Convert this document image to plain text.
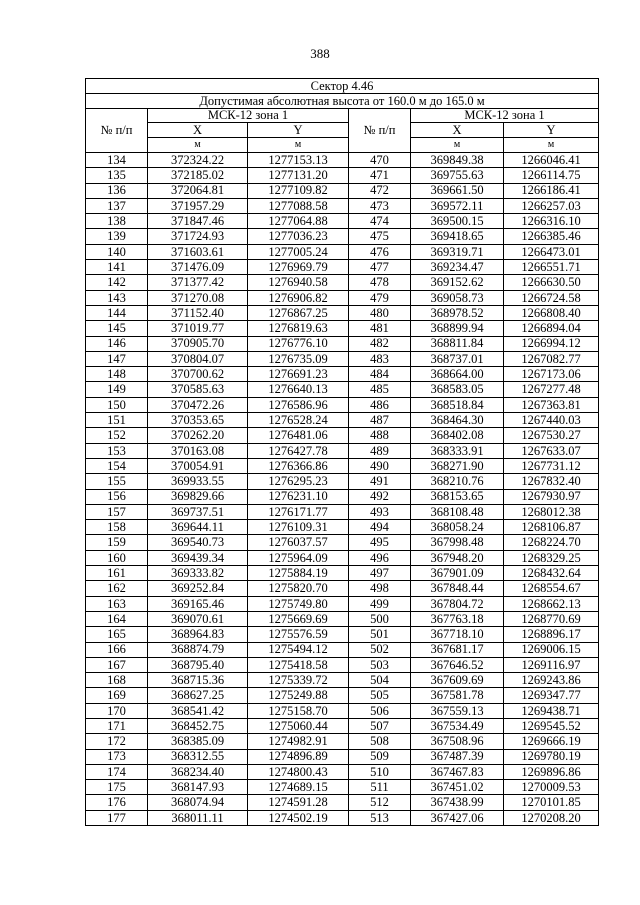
388
Сектор 4.46					
Допустимая абсолютная высота от 160.0 м до 165.0 м					
№ п/п	МСК-12 зона 1		№ п/п	МСК-12 зона 1	
	X	Y		X	Y
	м	м		м	м
134	372324.22	1277153.13	470	369849.38	1266046.41
135	372185.02	1277131.20	471	369755.63	1266114.75
136	372064.81	1277109.82	472	369661.50	1266186.41
137	371957.29	1277088.58	473	369572.11	1266257.03
138	371847.46	1277064.88	474	369500.15	1266316.10
139	371724.93	1277036.23	475	369418.65	1266385.46
140	371603.61	1277005.24	476	369319.71	1266473.01
141	371476.09	1276969.79	477	369234.47	1266551.71
142	371377.42	1276940.58	478	369152.62	1266630.50
143	371270.08	1276906.82	479	369058.73	1266724.58
144	371152.40	1276867.25	480	368978.52	1266808.40
145	371019.77	1276819.63	481	368899.94	1266894.04
146	370905.70	1276776.10	482	368811.84	1266994.12
147	370804.07	1276735.09	483	368737.01	1267082.77
148	370700.62	1276691.23	484	368664.00	1267173.06
149	370585.63	1276640.13	485	368583.05	1267277.48
150	370472.26	1276586.96	486	368518.84	1267363.81
151	370353.65	1276528.24	487	368464.30	1267440.03
152	370262.20	1276481.06	488	368402.08	1267530.27
153	370163.08	1276427.78	489	368333.91	1267633.07
154	370054.91	1276366.86	490	368271.90	1267731.12
155	369933.55	1276295.23	491	368210.76	1267832.40
156	369829.66	1276231.10	492	368153.65	1267930.97
157	369737.51	1276171.77	493	368108.48	1268012.38
158	369644.11	1276109.31	494	368058.24	1268106.87
159	369540.73	1276037.57	495	367998.48	1268224.70
160	369439.34	1275964.09	496	367948.20	1268329.25
161	369333.82	1275884.19	497	367901.09	1268432.64
162	369252.84	1275820.70	498	367848.44	1268554.67
163	369165.46	1275749.80	499	367804.72	1268662.13
164	369070.61	1275669.69	500	367763.18	1268770.69
165	368964.83	1275576.59	501	367718.10	1268896.17
166	368874.79	1275494.12	502	367681.17	1269006.15
167	368795.40	1275418.58	503	367646.52	1269116.97
168	368715.36	1275339.72	504	367609.69	1269243.86
169	368627.25	1275249.88	505	367581.78	1269347.77
170	368541.42	1275158.70	506	367559.13	1269438.71
171	368452.75	1275060.44	507	367534.49	1269545.52
172	368385.09	1274982.91	508	367508.96	1269666.19
173	368312.55	1274896.89	509	367487.39	1269780.19
174	368234.40	1274800.43	510	367467.83	1269896.86
175	368147.93	1274689.15	511	367451.02	1270009.53
176	368074.94	1274591.28	512	367438.99	1270101.85
177	368011.11	1274502.19	513	367427.06	1270208.20
